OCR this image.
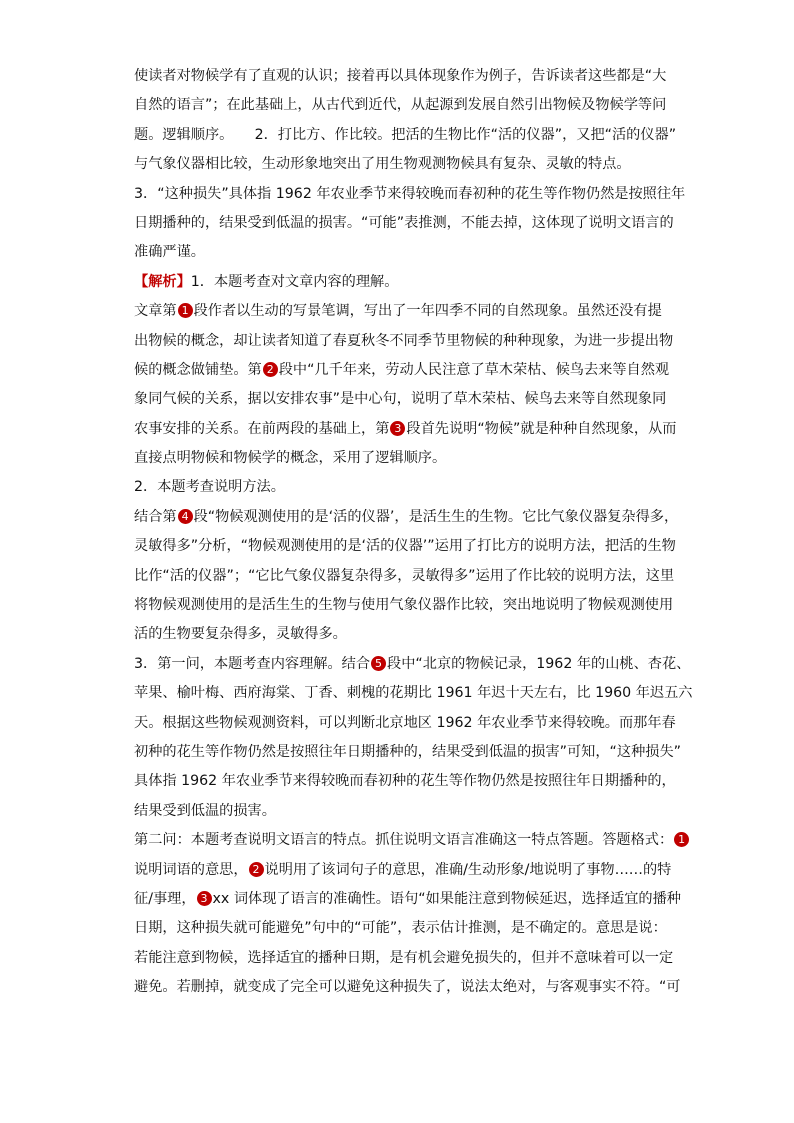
使读者对物候学有了直观的认识；接着再以具体现象作为例子，告诉读者这些都是“大
自然的语言”；在此基础上，从古代到近代，从起源到发展自然引出物候及物候学等问
题。逻辑顺序。　　2．打比方、作比较。把活的生物比作“活的仪器”，又把“活的仪器”
与气象仪器相比较，生动形象地突出了用生物观测物候具有复杂、灵敏的特点。
3．“这种损失”具体指 1962 年农业季节来得较晚而春初种的花生等作物仍然是按照往年
日期播种的，结果受到低温的损害。“可能”表推测，不能去掉，这体现了说明文语言的
准确严谨。
【解析】1．本题考查对文章内容的理解。
文章第 1 段作者以生动的写景笔调，写出了一年四季不同的自然现象。虽然还没有提
出物候的概念，却让读者知道了春夏秋冬不同季节里物候的种种现象，为进一步提出物
候的概念做铺垫。第 2 段中“几千年来，劳动人民注意了草木荣枯、候鸟去来等自然观
象同气候的关系，据以安排农事”是中心句，说明了草木荣枯、候鸟去来等自然现象同
农事安排的关系。在前两段的基础上，第 3 段首先说明“物候”就是种种自然现象，从而
直接点明物候和物候学的概念，采用了逻辑顺序。
2．本题考查说明方法。
结合第 4 段“物候观测使用的是‘活的仪器’，是活生生的生物。它比气象仪器复杂得多，
灵敏得多”分析，“物候观测使用的是‘活的仪器’”运用了打比方的说明方法，把活的生物
比作“活的仪器”；“它比气象仪器复杂得多，灵敏得多”运用了作比较的说明方法，这里
将物候观测使用的是活生生的生物与使用气象仪器作比较，突出地说明了物候观测使用
活的生物要复杂得多，灵敏得多。
3．第一问，本题考查内容理解。结合 5 段中“北京的物候记录，1962 年的山桃、杏花、
苹果、榆叶梅、西府海棠、丁香、刺槐的花期比 1961 年迟十天左右，比 1960 年迟五六
天。根据这些物候观测资料，可以判断北京地区 1962 年农业季节来得较晚。而那年春
初种的花生等作物仍然是按照往年日期播种的，结果受到低温的损害”可知，“这种损失”
具体指 1962 年农业季节来得较晚而春初种的花生等作物仍然是按照往年日期播种的，
结果受到低温的损害。
第二问：本题考查说明文语言的特点。抓住说明文语言准确这一特点答题。答题格式： 1
说明词语的意思， 2 说明用了该词句子的意思，准确/生动形象/地说明了事物……的特
征/事理， 3 xx 词体现了语言的准确性。语句“如果能注意到物候延迟，选择适宜的播种
日期，这种损失就可能避免”句中的“可能”，表示估计推测，是不确定的。意思是说：
若能注意到物候，选择适宜的播种日期，是有机会避免损失的，但并不意味着可以一定
避免。若删掉，就变成了完全可以避免这种损失了，说法太绝对，与客观事实不符。“可
